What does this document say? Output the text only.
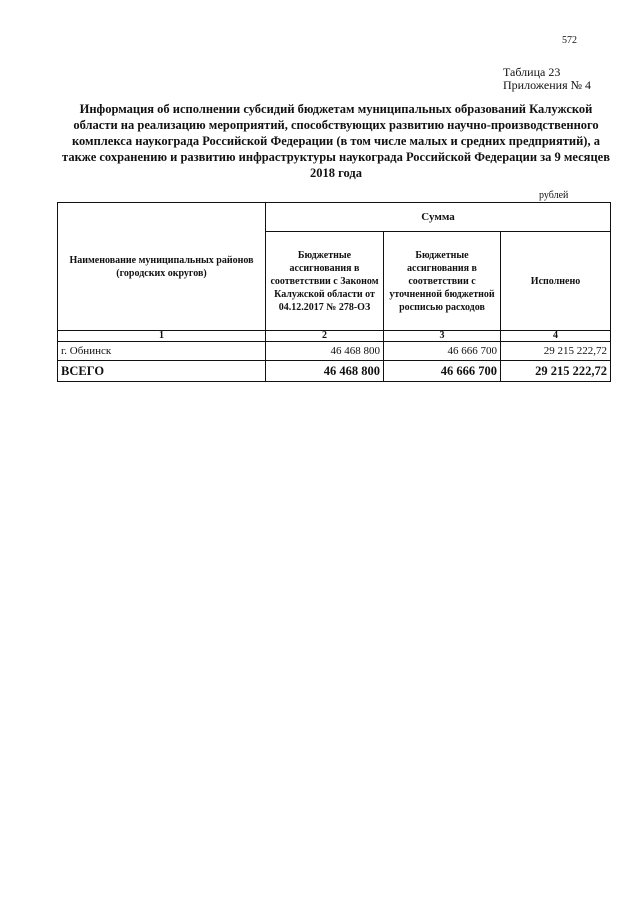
572
Таблица 23
Приложения № 4
Информация об исполнении субсидий бюджетам муниципальных образований Калужской области на реализацию мероприятий, способствующих развитию научно-производственного комплекса наукограда Российской Федерации (в том числе малых и средних предприятий), а также сохранению и развитию инфраструктуры наукограда Российской Федерации за 9 месяцев 2018 года
рублей
Наименование муниципальных районов (городских округов)	Сумма		
	Бюджетные ассигнования в соответствии с Законом Калужской области от 04.12.2017 № 278-ОЗ	Бюджетные ассигнования в соответствии с уточненной бюджетной росписью расходов	Исполнено
1	2	3	4
г. Обнинск	46 468 800	46 666 700	29 215 222,72
ВСЕГО	46 468 800	46 666 700	29 215 222,72
